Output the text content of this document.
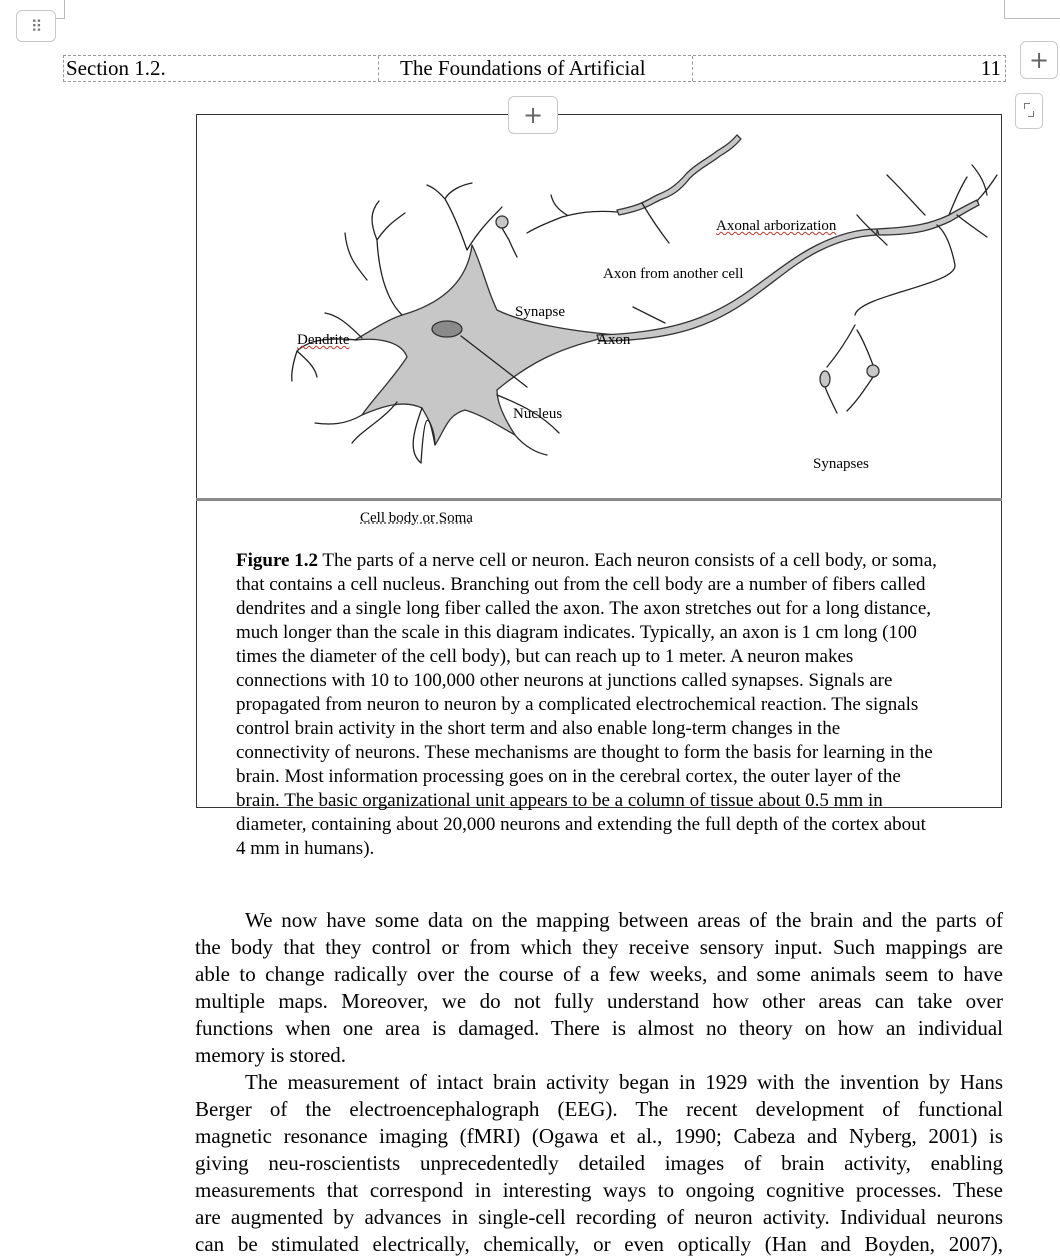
⠿
+
Section 1.2.	The Foundations of Artificial	11
+
Axonal arborization
Axon from another cell
Synapse
Dendrite	Axon
Nucleus
Synapses
Cell body or Soma
Figure 1.2 The parts of a nerve cell or neuron. Each neuron consists of a cell body, or soma,
that contains a cell nucleus. Branching out from the cell body are a number of fibers called
dendrites and a single long fiber called the axon. The axon stretches out for a long distance,
much longer than the scale in this diagram indicates. Typically, an axon is 1 cm long (100
times the diameter of the cell body), but can reach up to 1 meter. A neuron makes
connections with 10 to 100,000 other neurons at junctions called synapses. Signals are
propagated from neuron to neuron by a complicated electrochemical reaction. The signals
control brain activity in the short term and also enable long-term changes in the
connectivity of neurons. These mechanisms are thought to form the basis for learning in the
brain. Most information processing goes on in the cerebral cortex, the outer layer of the
brain. The basic organizational unit appears to be a column of tissue about 0.5 mm in
diameter, containing about 20,000 neurons and extending the full depth of the cortex about
4 mm in humans).
We now have some data on the mapping between areas of the brain and the parts of
the body that they control or from which they receive sensory input. Such mappings are
able to change radically over the course of a few weeks, and some animals seem to have
multiple maps. Moreover, we do not fully understand how other areas can take over
functions when one area is damaged. There is almost no theory on how an individual
memory is stored.
The measurement of intact brain activity began in 1929 with the invention by Hans
Berger of the electroencephalograph (EEG). The recent development of functional
magnetic resonance imaging (fMRI) (Ogawa et al., 1990; Cabeza and Nyberg, 2001) is
giving neu-roscientists unprecedentedly detailed images of brain activity, enabling
measurements that correspond in interesting ways to ongoing cognitive processes. These
are augmented by advances in single-cell recording of neuron activity. Individual neurons
can be stimulated electrically, chemically, or even optically (Han and Boyden, 2007),
